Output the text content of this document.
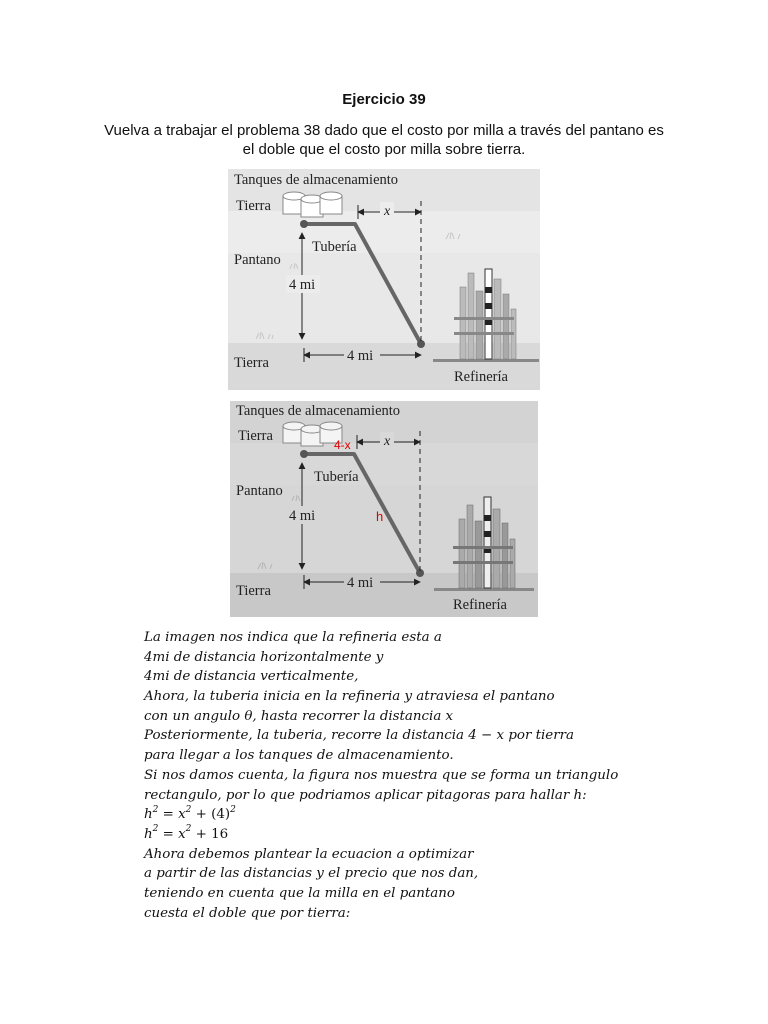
Ejercicio 39
Vuelva a trabajar el problema 38 dado que el costo por milla a través del pantano es el doble que el costo por milla sobre tierra.
Tanques de almacenamiento
Tierra
Pantano
Tierra
Tubería
4 mi
4 mi
x
Refinería
Tanques de almacenamiento
Tierra
Pantano
Tierra
4-x
h
Tubería
4 mi
4 mi
x
Refinería
La imagen nos indica que la refineria esta a
4mi de distancia horizontalmente y
4mi de distancia verticalmente,
Ahora, la tuberia inicia en la refineria y atraviesa el pantano
con un angulo θ, hasta recorrer la distancia x
Posteriormente, la tuberia, recorre la distancia 4 − x por tierra
para llegar a los tanques de almacenamiento.
Si nos damos cuenta, la figura nos muestra que se forma un triangulo
rectangulo, por lo que podriamos aplicar pitagoras para hallar h:
$h^2 = x^2 + (4)^2$
$h^2 = x^2 + 16$
Ahora debemos plantear la ecuacion a optimizar
a partir de las distancias y el precio que nos dan,
teniendo en cuenta que la milla en el pantano
cuesta el doble que por tierra:
